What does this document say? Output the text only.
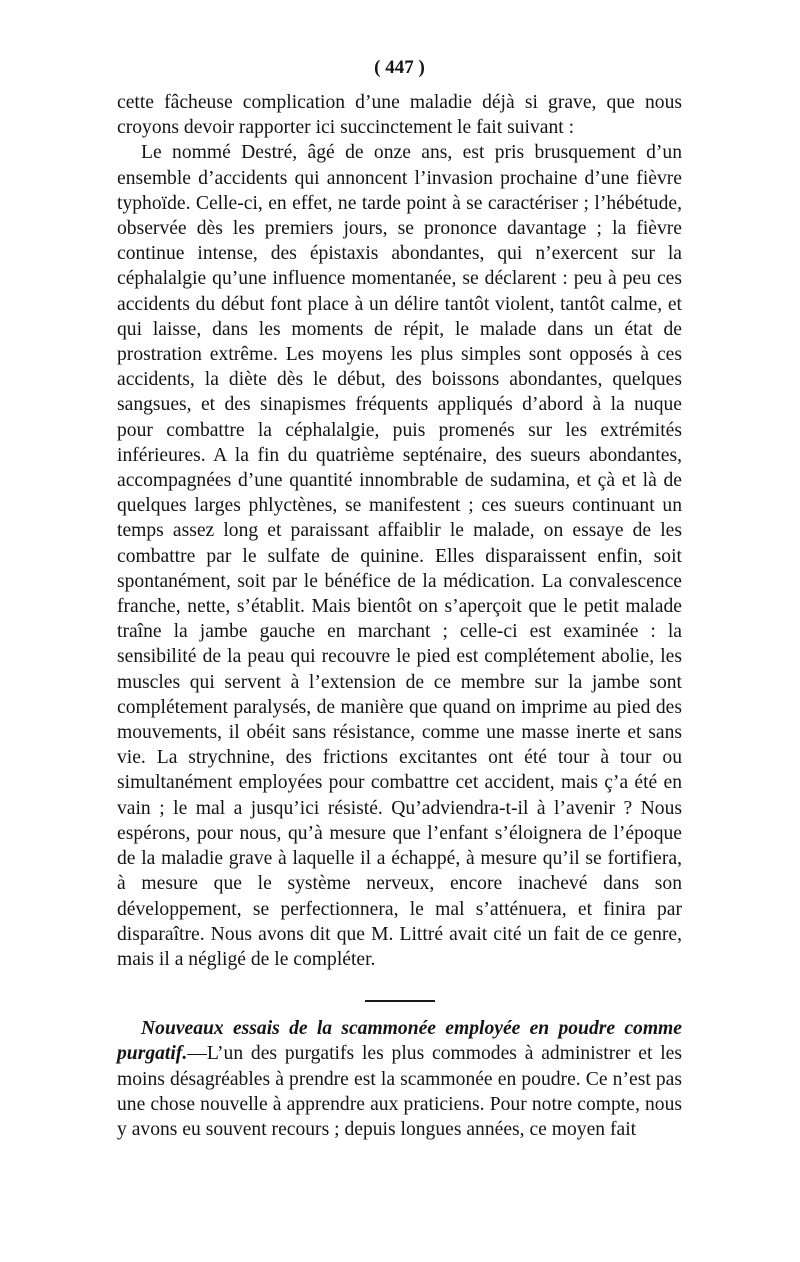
( 447 )

cette fâcheuse complication d’une maladie déjà si grave, que nous croyons devoir rapporter ici succinctement le fait suivant :

Le nommé Destré, âgé de onze ans, est pris brusquement d’un ensemble d’accidents qui annoncent l’invasion prochaine d’une fièvre typhoïde. Celle-ci, en effet, ne tarde point à se caractériser ; l’hébétude, observée dès les premiers jours, se prononce davantage ; la fièvre continue intense, des épistaxis abondantes, qui n’exercent sur la céphalalgie qu’une influence momentanée, se déclarent : peu à peu ces accidents du début font place à un délire tantôt violent, tantôt calme, et qui laisse, dans les moments de répit, le malade dans un état de prostration extrême. Les moyens les plus simples sont opposés à ces accidents, la diète dès le début, des boissons abondantes, quelques sangsues, et des sinapismes fréquents appliqués d’abord à la nuque pour combattre la céphalalgie, puis promenés sur les extrémités inférieures. A la fin du quatrième septénaire, des sueurs abondantes, accompagnées d’une quantité innombrable de sudamina, et çà et là de quelques larges phlyctènes, se manifestent ; ces sueurs continuant un temps assez long et paraissant affaiblir le malade, on essaye de les combattre par le sulfate de quinine. Elles disparaissent enfin, soit spontanément, soit par le bénéfice de la médication. La convalescence franche, nette, s’établit. Mais bientôt on s’aperçoit que le petit malade traîne la jambe gauche en marchant ; celle-ci est examinée : la sensibilité de la peau qui recouvre le pied est complétement abolie, les muscles qui servent à l’extension de ce membre sur la jambe sont complétement paralysés, de manière que quand on imprime au pied des mouvements, il obéit sans résistance, comme une masse inerte et sans vie. La strychnine, des frictions excitantes ont été tour à tour ou simultanément employées pour combattre cet accident, mais ç’a été en vain ; le mal a jusqu’ici résisté. Qu’adviendra-t-il à l’avenir ? Nous espérons, pour nous, qu’à mesure que l’enfant s’éloignera de l’époque de la maladie grave à laquelle il a échappé, à mesure qu’il se fortifiera, à mesure que le système nerveux, encore inachevé dans son développement, se perfectionnera, le mal s’atténuera, et finira par disparaître. Nous avons dit que M. Littré avait cité un fait de ce genre, mais il a négligé de le compléter.

Nouveaux essais de la scammonée employée en poudre comme purgatif.—L’un des purgatifs les plus commodes à administrer et les moins désagréables à prendre est la scammonée en poudre. Ce n’est pas une chose nouvelle à apprendre aux praticiens. Pour notre compte, nous y avons eu souvent recours ; depuis longues années, ce moyen fait
